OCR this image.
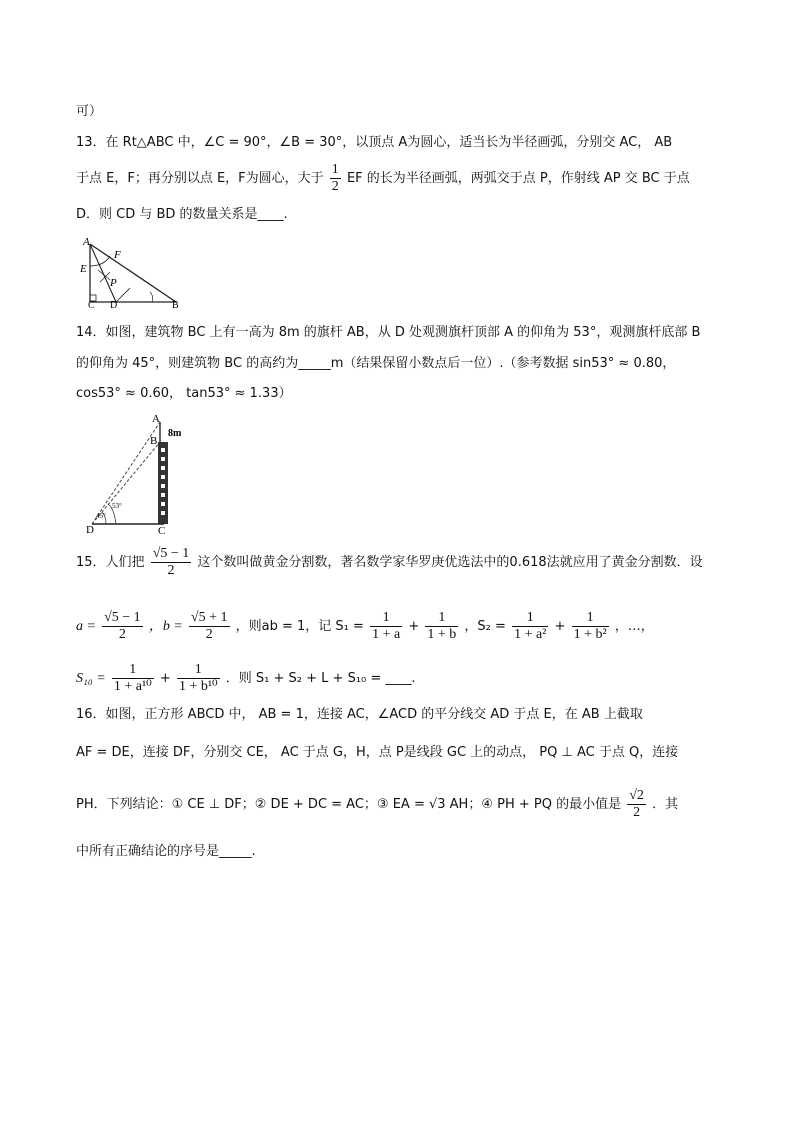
可）
13．在 Rt△ABC 中，∠C = 90°，∠B = 30°，以顶点 A为圆心，适当长为半径画弧，分别交 AC， AB
于点 E，F；再分别以点 E，F为圆心，大于 $\frac{1}{2}$ EF 的长为半径画弧，两弧交于点 P，作射线 AP 交 BC 于点
D．则 CD 与 BD 的数量关系是____.
A
F
E
P
C D	B
14．如图，建筑物 BC 上有一高为 8m 的旗杆 AB，从 D 处观测旗杆顶部 A 的仰角为 53°，观测旗杆底部 B
的仰角为 45°，则建筑物 BC 的高约为_____m（结果保留小数点后一位）.（参考数据 sin53° ≈ 0.80，
cos53° ≈ 0.60， tan53° ≈ 1.33）
A
B
8m
45°
53°
D	C
15．人们把 $\frac{√5 - 1}{2}$ 这个数叫做黄金分割数，著名数学家华罗庚优选法中的0.618法就应用了黄金分割数．设
$a = \frac{√5 - 1}{2}$ ，$b = \frac{√5 + 1}{2}$ ，则ab = 1，记 $S_1 = \frac{1}{1 + a} + \frac{1}{1 + b}$ ，$S_2 = \frac{1}{\text{1 + a²}} + \frac{1}{\text{1 + b²}}$ ，…，
$S_{10} = \frac{1}{\text{1 + a¹⁰}} + \frac{1}{\text{1 + b¹⁰}}$ ．则 S₁ + S₂ + L + S₁₀ = ____.
16．如图，正方形 ABCD 中， AB = 1，连接 AC，∠ACD 的平分线交 AD 于点 E，在 AB 上截取
AF = DE，连接 DF，分别交 CE， AC 于点 G，H，点 P是线段 GC 上的动点， PQ ⊥ AC 于点 Q，连接
PH．下列结论：① CE ⊥ DF；② DE + DC = AC；③ EA = √3 AH；④ PH + PQ 的最小值是 $\frac{√2}{2}$ ．其
中所有正确结论的序号是_____.
